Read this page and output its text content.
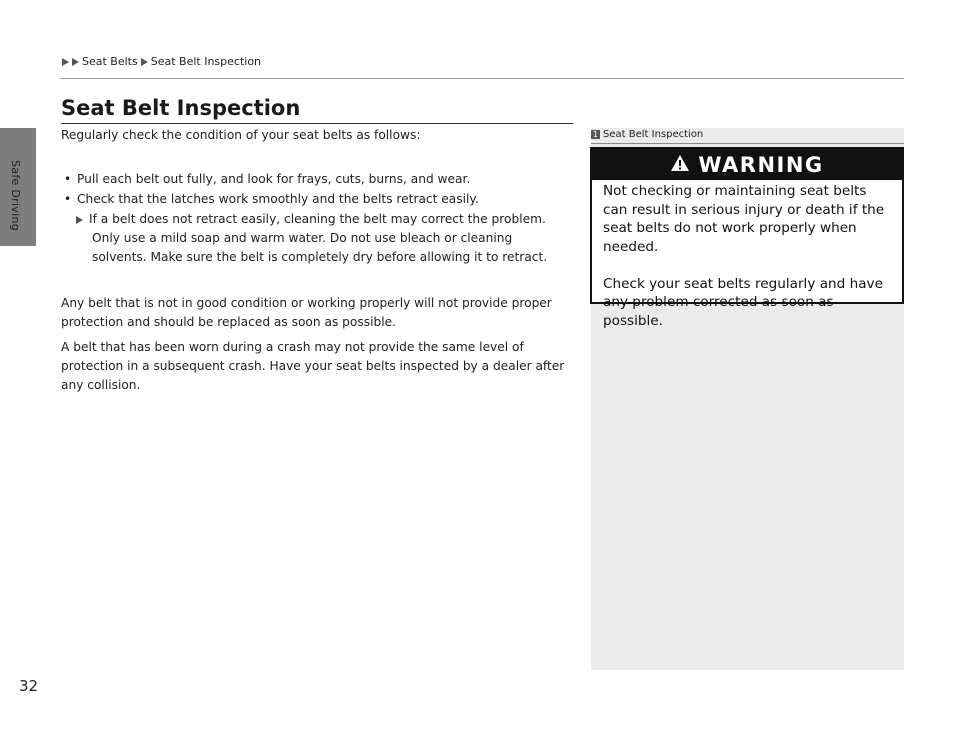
Safe Driving
Seat Belts Seat Belt Inspection
Seat Belt Inspection
Regularly check the condition of your seat belts as follows:
• Pull each belt out fully, and look for frays, cuts, burns, and wear.
• Check that the latches work smoothly and the belts retract easily.
If a belt does not retract easily, cleaning the belt may correct the problem.
Only use a mild soap and warm water. Do not use bleach or cleaning solvents. Make sure the belt is completely dry before allowing it to retract.
Any belt that is not in good condition or working properly will not provide proper protection and should be replaced as soon as possible.
A belt that has been worn during a crash may not provide the same level of protection in a subsequent crash. Have your seat belts inspected by a dealer after any collision.
1 Seat Belt Inspection
WARNING
Not checking or maintaining seat belts can result in serious injury or death if the seat belts do not work properly when needed.
Check your seat belts regularly and have any problem corrected as soon as possible.
32
